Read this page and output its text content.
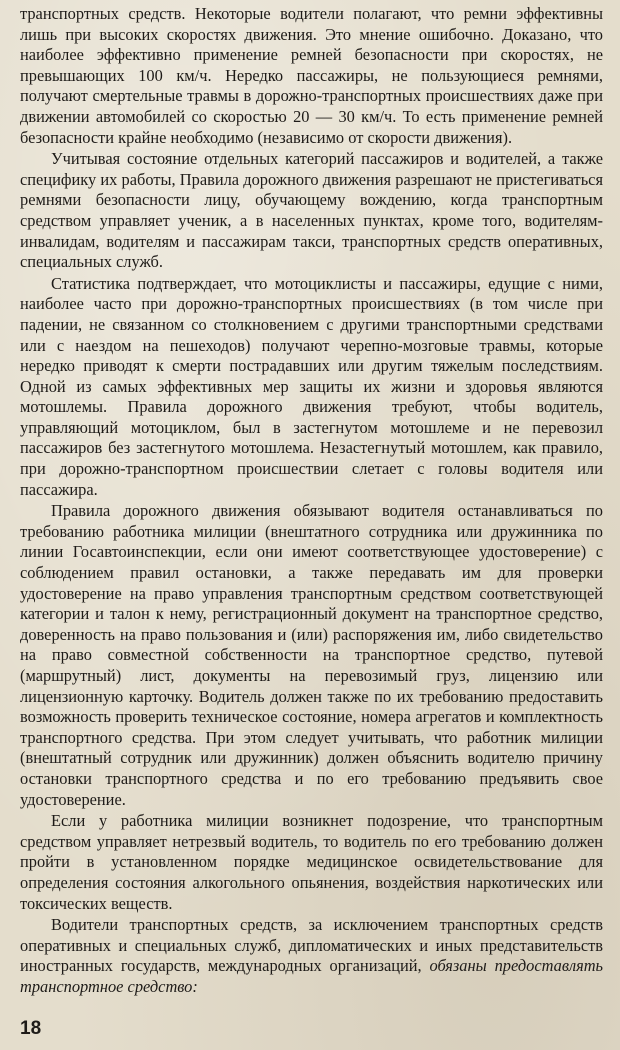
транспортных средств. Некоторые водители полагают, что ремни эффективны лишь при высоких скоростях движения. Это мнение ошибочно. Доказано, что наиболее эффективно применение ремней безопасности при скоростях, не превышающих 100 км/ч. Нередко пассажиры, не пользующиеся ремнями, получают смертельные травмы в дорожно-транспортных происшествиях даже при движении автомобилей со скоростью 20 — 30 км/ч. То есть применение ремней безопасности крайне необходимо (независимо от скорости движения).

Учитывая состояние отдельных категорий пассажиров и водителей, а также специфику их работы, Правила дорожного движения разрешают не пристегиваться ремнями безопасности лицу, обучающему вождению, когда транспортным средством управляет ученик, а в населенных пунктах, кроме того, водителям-инвалидам, водителям и пассажирам такси, транспортных средств оперативных, специальных служб.

Статистика подтверждает, что мотоциклисты и пассажиры, едущие с ними, наиболее часто при дорожно-транспортных происшествиях (в том числе при падении, не связанном со столкновением с другими транспортными средствами или с наездом на пешеходов) получают черепно-мозговые травмы, которые нередко приводят к смерти пострадавших или другим тяжелым последствиям. Одной из самых эффективных мер защиты их жизни и здоровья являются мотошлемы. Правила дорожного движения требуют, чтобы водитель, управляющий мотоциклом, был в застегнутом мотошлеме и не перевозил пассажиров без застегнутого мотошлема. Незастегнутый мотошлем, как правило, при дорожно-транспортном происшествии слетает с головы водителя или пассажира.

Правила дорожного движения обязывают водителя останавливаться по требованию работника милиции (внештатного сотрудника или дружинника по линии Госавтоинспекции, если они имеют соответствующее удостоверение) с соблюдением правил остановки, а также передавать им для проверки удостоверение на право управления транспортным средством соответствующей категории и талон к нему, регистрационный документ на транспортное средство, доверенность на право пользования и (или) распоряжения им, либо свидетельство на право совместной собственности на транспортное средство, путевой (маршрутный) лист, документы на перевозимый груз, лицензию или лицензионную карточку. Водитель должен также по их требованию предоставить возможность проверить техническое состояние, номера агрегатов и комплектность транспортного средства. При этом следует учитывать, что работник милиции (внештатный сотрудник или дружинник) должен объяснить водителю причину остановки транспортного средства и по его требованию предъявить свое удостоверение.

Если у работника милиции возникнет подозрение, что транспортным средством управляет нетрезвый водитель, то водитель по его требованию должен пройти в установленном порядке медицинское освидетельствование для определения состояния алкогольного опьянения, воздействия наркотических или токсических веществ.

Водители транспортных средств, за исключением транспортных средств оперативных и специальных служб, дипломатических и иных представительств иностранных государств, международных организаций, обязаны предоставлять транспортное средство:

18
